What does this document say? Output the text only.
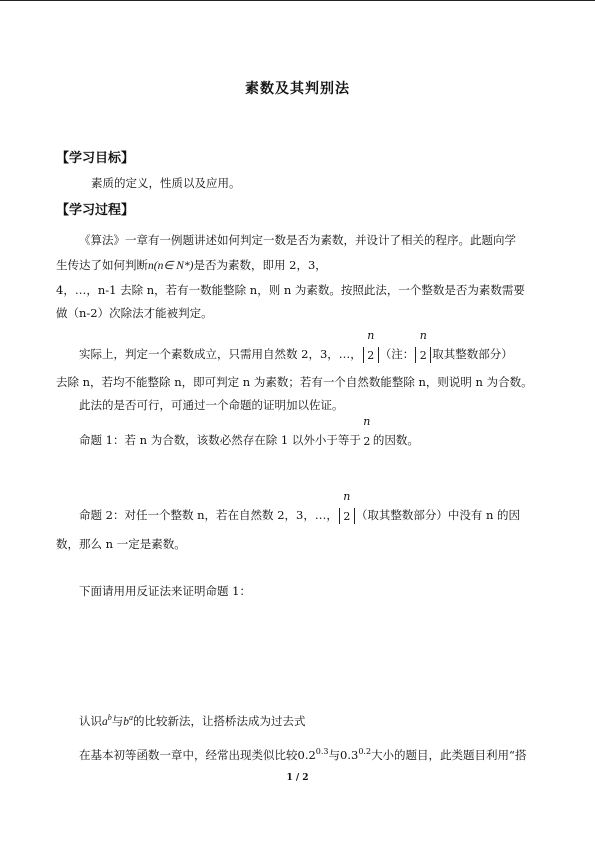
素数及其判别法
【学习目标】
素质的定义，性质以及应用。
【学习过程】
《算法》一章有一例题讲述如何判定一数是否为素数，并设计了相关的程序。此题向学
生传达了如何判断n(n∈ N*)是否为素数，即用 2，3，
4，…，n-1 去除 n，若有一数能整除 n，则 n 为素数。按照此法，一个整数是否为素数需要
做（n-2）次除法才能被判定。
实际上，判定一个素数成立，只需用自然数 2，3，…，
n
2 （注：
n
2 取其整数部分）
去除 n，若均不能整除 n，即可判定 n 为素数；若有一个自然数能整除 n，则说明 n 为合数。
此法的是否可行，可通过一个命题的证明加以佐证。
命题 1：若 n 为合数，该数必然存在除 1 以外小于等于
n
2 的因数。
命题 2：对任一个整数 n，若在自然数 2，3，…，
n
2 （取其整数部分）中没有 n 的因
数，那么 n 一定是素数。
下面请用用反证法来证明命题 1：
认识$a^b$与$b^a$的比较新法，让搭桥法成为过去式
在基本初等函数一章中，经常出现类似比较$0.2^{0.3}$与$0.3^{0.2}$大小的题目，此类题目利用“搭
1 / 2
